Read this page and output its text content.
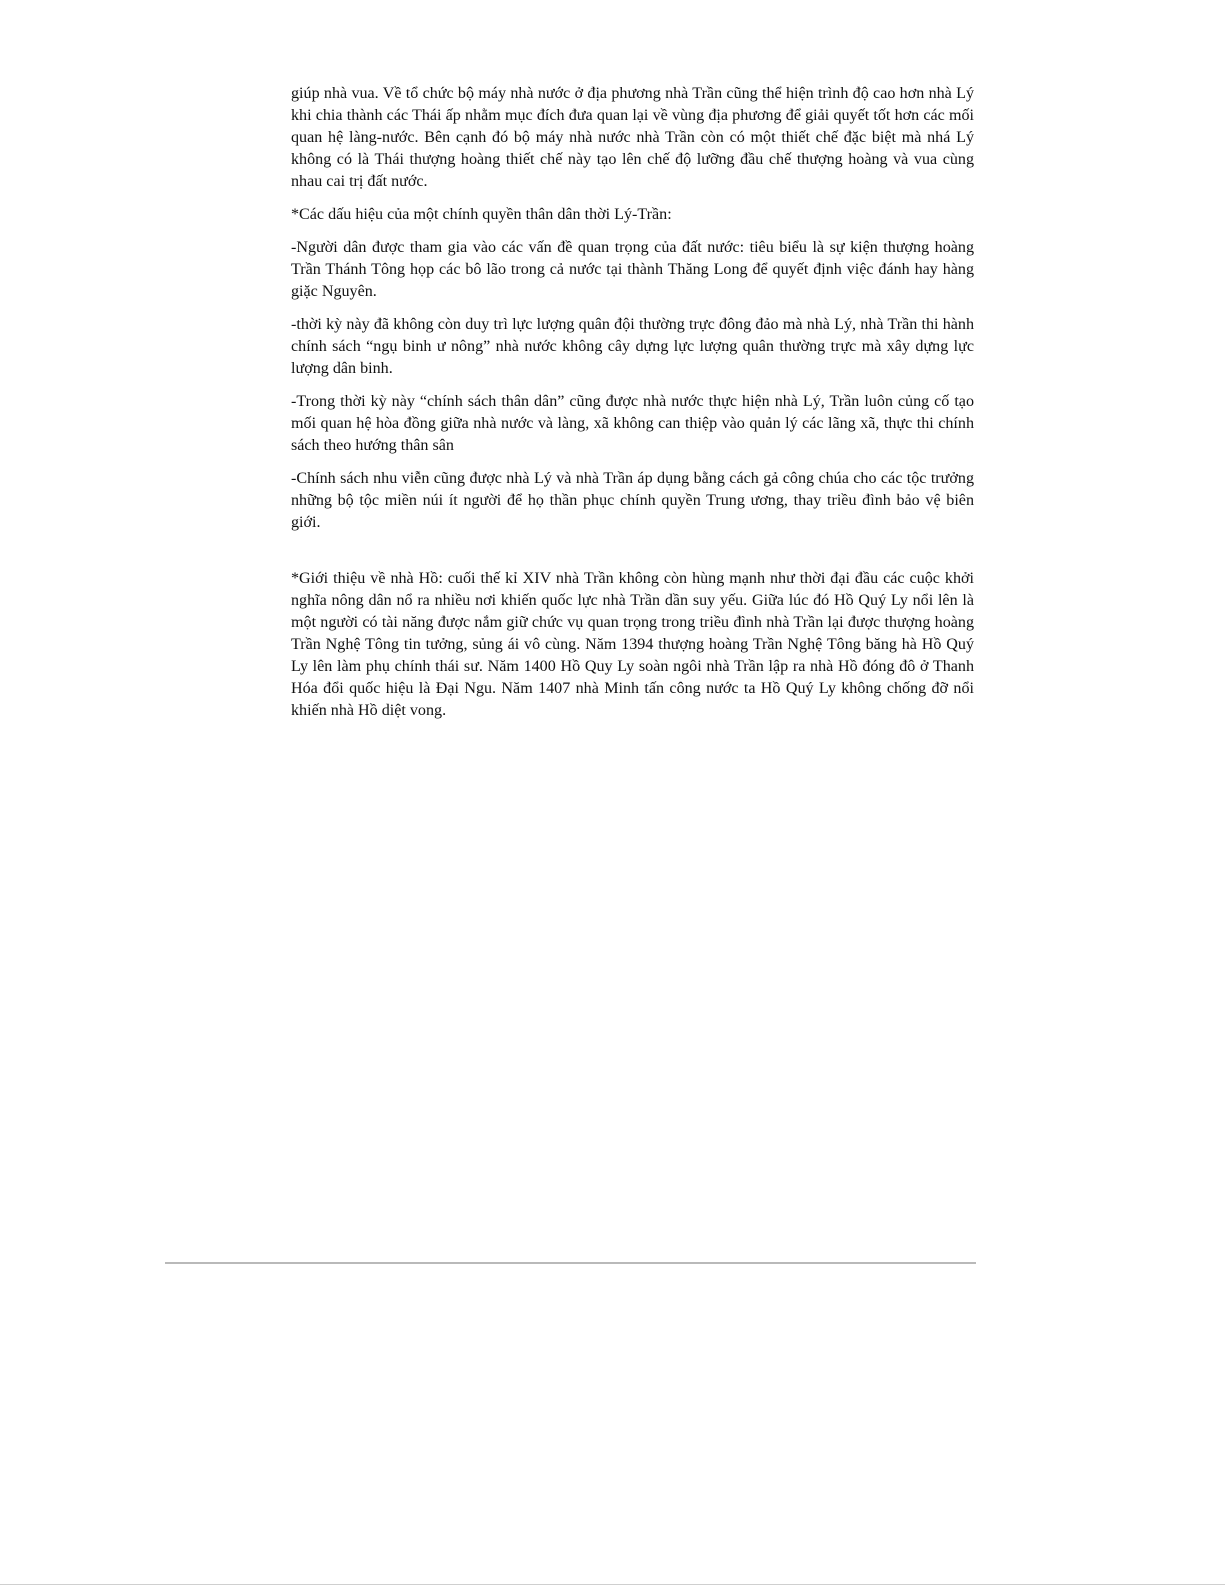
giúp nhà vua. Về tổ chức bộ máy nhà nước ở địa phương nhà Trần cũng thể hiện trình độ cao hơn nhà Lý khi chia thành các Thái ấp nhằm mục đích đưa quan lại về vùng địa phương để giải quyết tốt hơn các mối quan hệ làng-nước. Bên cạnh đó bộ máy nhà nước nhà Trần còn có một thiết chế đặc biệt mà nhá Lý không có là Thái thượng hoàng thiết chế này tạo lên chế độ lưỡng đầu chế thượng hoàng và vua cùng nhau cai trị đất nước.

*Các dấu hiệu của một chính quyền thân dân thời Lý-Trần:

-Người dân được tham gia vào các vấn đề quan trọng của đất nước: tiêu biểu là sự kiện thượng hoàng Trần Thánh Tông họp các bô lão trong cả nước tại thành Thăng Long để quyết định việc đánh hay hàng giặc Nguyên.

-thời kỳ này đã không còn duy trì lực lượng quân đội thường trực đông đảo mà nhà Lý, nhà Trần thi hành chính sách “ngụ binh ư nông” nhà nước không cây dựng lực lượng quân thường trực mà xây dựng lực lượng dân binh.

-Trong thời kỳ này “chính sách thân dân” cũng được nhà nước thực hiện nhà Lý, Trần luôn củng cố tạo mối quan hệ hòa đồng giữa nhà nước và làng, xã không can thiệp vào quản lý các lãng xã, thực thi chính sách theo hướng thân sân

-Chính sách nhu viễn cũng được nhà Lý và nhà Trần áp dụng bằng cách gả công chúa cho các tộc trưởng những bộ tộc miền núi ít người để họ thần phục chính quyền Trung ương, thay triều đình bảo vệ biên giới.

*Giới thiệu về nhà Hồ: cuối thế kỉ XIV nhà Trần không còn hùng mạnh như thời đại đầu các cuộc khởi nghĩa nông dân nổ ra nhiều nơi khiến quốc lực nhà Trần dần suy yếu. Giữa lúc đó Hồ Quý Ly nổi lên là một người có tài năng được nắm giữ chức vụ quan trọng trong triều đình nhà Trần lại được thượng hoàng Trần Nghệ Tông tin tưởng, sủng ái vô cùng. Năm 1394 thượng hoàng Trần Nghệ Tông băng hà Hồ Quý Ly lên làm phụ chính thái sư. Năm 1400 Hồ Quy Ly soàn ngôi nhà Trần lập ra nhà Hồ đóng đô ở Thanh Hóa đổi quốc hiệu là Đại Ngu. Năm 1407 nhà Minh tấn công nước ta Hồ Quý Ly không chống đỡ nổi khiến nhà Hồ diệt vong.
